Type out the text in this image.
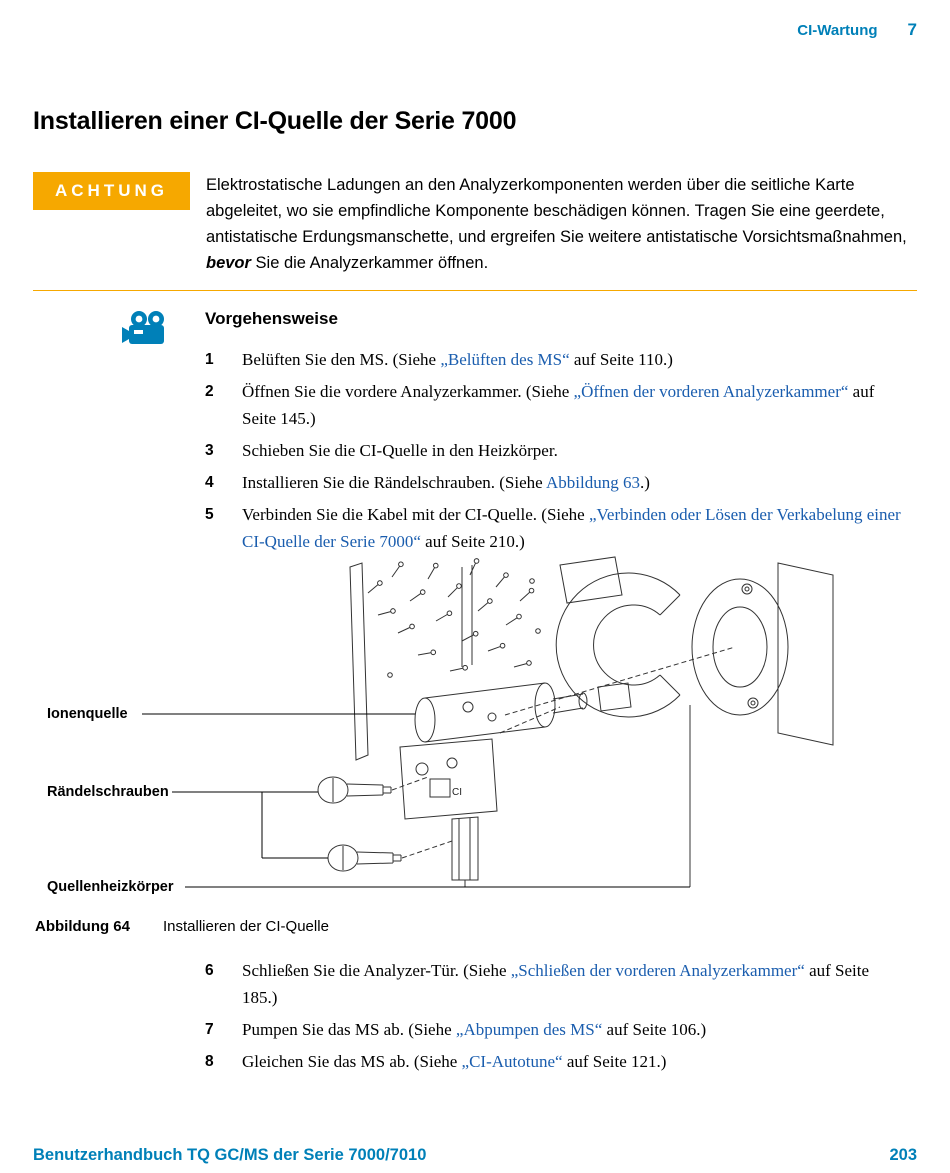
CI-Wartung 7
Installieren einer CI-Quelle der Serie 7000
ACHTUNG	Elektrostatische Ladungen an den Analyzerkomponenten werden über die seitliche Karte abgeleitet, wo sie empfindliche Komponente beschädigen können. Tragen Sie eine geerdete, antistatische Erdungsmanschette, und ergreifen Sie weitere antistatische Vorsichtsmaßnahmen, bevor Sie die Analyzerkammer öffnen.

Vorgehensweise
1	Belüften Sie den MS. (Siehe „Belüften des MS“ auf Seite 110.)
2	Öffnen Sie die vordere Analyzerkammer. (Siehe „Öffnen der vorderen Analyzerkammer“ auf Seite 145.)
3	Schieben Sie die CI-Quelle in den Heizkörper.
4	Installieren Sie die Rändelschrauben. (Siehe Abbildung 63.)
5	Verbinden Sie die Kabel mit der CI-Quelle. (Siehe „Verbinden oder Lösen der Verkabelung einer CI-Quelle der Serie 7000“ auf Seite 210.)
CI
Ionenquelle
Rändelschrauben
Quellenheizkörper
Abbildung 64	Installieren der CI-Quelle
6	Schließen Sie die Analyzer-Tür. (Siehe „Schließen der vorderen Analyzerkammer“ auf Seite 185.)
7	Pumpen Sie das MS ab. (Siehe „Abpumpen des MS“ auf Seite 106.)
8	Gleichen Sie das MS ab. (Siehe „CI-Autotune“ auf Seite 121.)
Benutzerhandbuch TQ GC/MS der Serie 7000/7010	203
